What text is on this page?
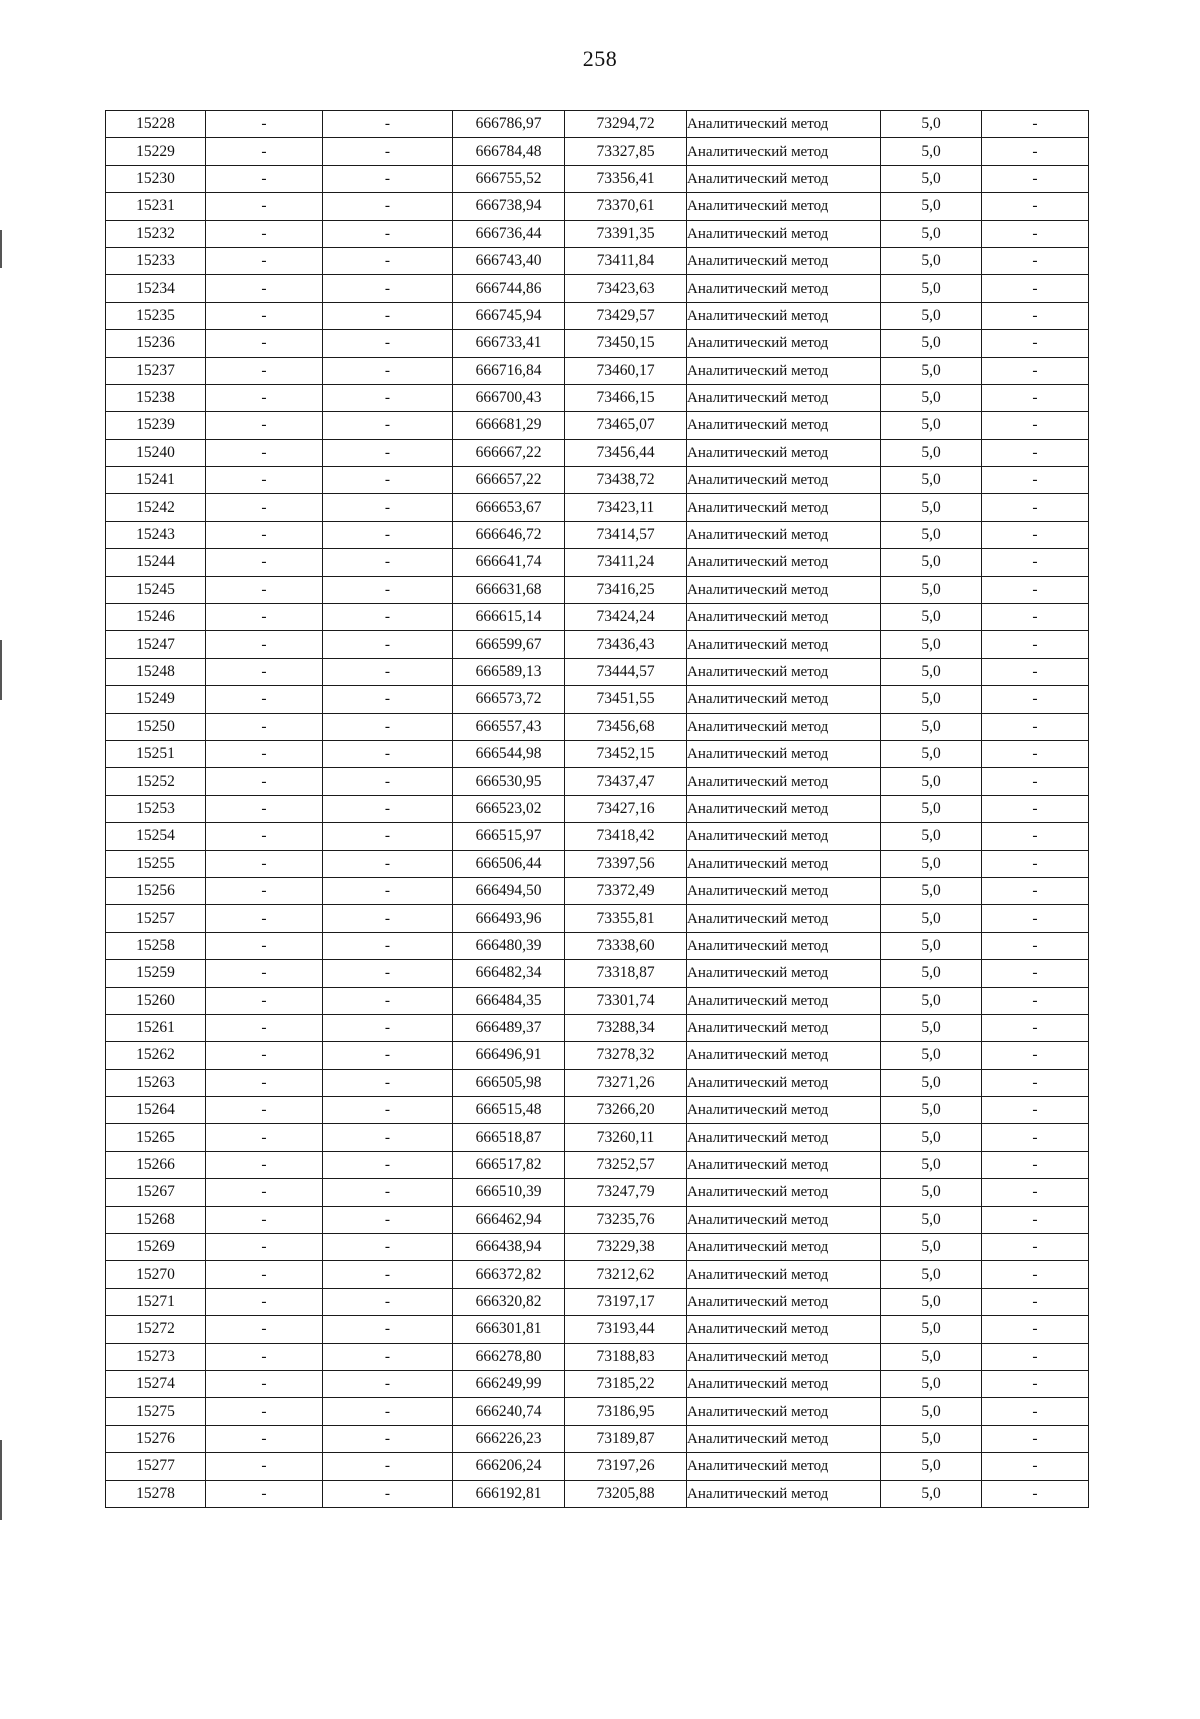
258
15228	-	-	666786,97	73294,72	Аналитический метод	5,0	-
15229	-	-	666784,48	73327,85	Аналитический метод	5,0	-
15230	-	-	666755,52	73356,41	Аналитический метод	5,0	-
15231	-	-	666738,94	73370,61	Аналитический метод	5,0	-
15232	-	-	666736,44	73391,35	Аналитический метод	5,0	-
15233	-	-	666743,40	73411,84	Аналитический метод	5,0	-
15234	-	-	666744,86	73423,63	Аналитический метод	5,0	-
15235	-	-	666745,94	73429,57	Аналитический метод	5,0	-
15236	-	-	666733,41	73450,15	Аналитический метод	5,0	-
15237	-	-	666716,84	73460,17	Аналитический метод	5,0	-
15238	-	-	666700,43	73466,15	Аналитический метод	5,0	-
15239	-	-	666681,29	73465,07	Аналитический метод	5,0	-
15240	-	-	666667,22	73456,44	Аналитический метод	5,0	-
15241	-	-	666657,22	73438,72	Аналитический метод	5,0	-
15242	-	-	666653,67	73423,11	Аналитический метод	5,0	-
15243	-	-	666646,72	73414,57	Аналитический метод	5,0	-
15244	-	-	666641,74	73411,24	Аналитический метод	5,0	-
15245	-	-	666631,68	73416,25	Аналитический метод	5,0	-
15246	-	-	666615,14	73424,24	Аналитический метод	5,0	-
15247	-	-	666599,67	73436,43	Аналитический метод	5,0	-
15248	-	-	666589,13	73444,57	Аналитический метод	5,0	-
15249	-	-	666573,72	73451,55	Аналитический метод	5,0	-
15250	-	-	666557,43	73456,68	Аналитический метод	5,0	-
15251	-	-	666544,98	73452,15	Аналитический метод	5,0	-
15252	-	-	666530,95	73437,47	Аналитический метод	5,0	-
15253	-	-	666523,02	73427,16	Аналитический метод	5,0	-
15254	-	-	666515,97	73418,42	Аналитический метод	5,0	-
15255	-	-	666506,44	73397,56	Аналитический метод	5,0	-
15256	-	-	666494,50	73372,49	Аналитический метод	5,0	-
15257	-	-	666493,96	73355,81	Аналитический метод	5,0	-
15258	-	-	666480,39	73338,60	Аналитический метод	5,0	-
15259	-	-	666482,34	73318,87	Аналитический метод	5,0	-
15260	-	-	666484,35	73301,74	Аналитический метод	5,0	-
15261	-	-	666489,37	73288,34	Аналитический метод	5,0	-
15262	-	-	666496,91	73278,32	Аналитический метод	5,0	-
15263	-	-	666505,98	73271,26	Аналитический метод	5,0	-
15264	-	-	666515,48	73266,20	Аналитический метод	5,0	-
15265	-	-	666518,87	73260,11	Аналитический метод	5,0	-
15266	-	-	666517,82	73252,57	Аналитический метод	5,0	-
15267	-	-	666510,39	73247,79	Аналитический метод	5,0	-
15268	-	-	666462,94	73235,76	Аналитический метод	5,0	-
15269	-	-	666438,94	73229,38	Аналитический метод	5,0	-
15270	-	-	666372,82	73212,62	Аналитический метод	5,0	-
15271	-	-	666320,82	73197,17	Аналитический метод	5,0	-
15272	-	-	666301,81	73193,44	Аналитический метод	5,0	-
15273	-	-	666278,80	73188,83	Аналитический метод	5,0	-
15274	-	-	666249,99	73185,22	Аналитический метод	5,0	-
15275	-	-	666240,74	73186,95	Аналитический метод	5,0	-
15276	-	-	666226,23	73189,87	Аналитический метод	5,0	-
15277	-	-	666206,24	73197,26	Аналитический метод	5,0	-
15278	-	-	666192,81	73205,88	Аналитический метод	5,0	-
